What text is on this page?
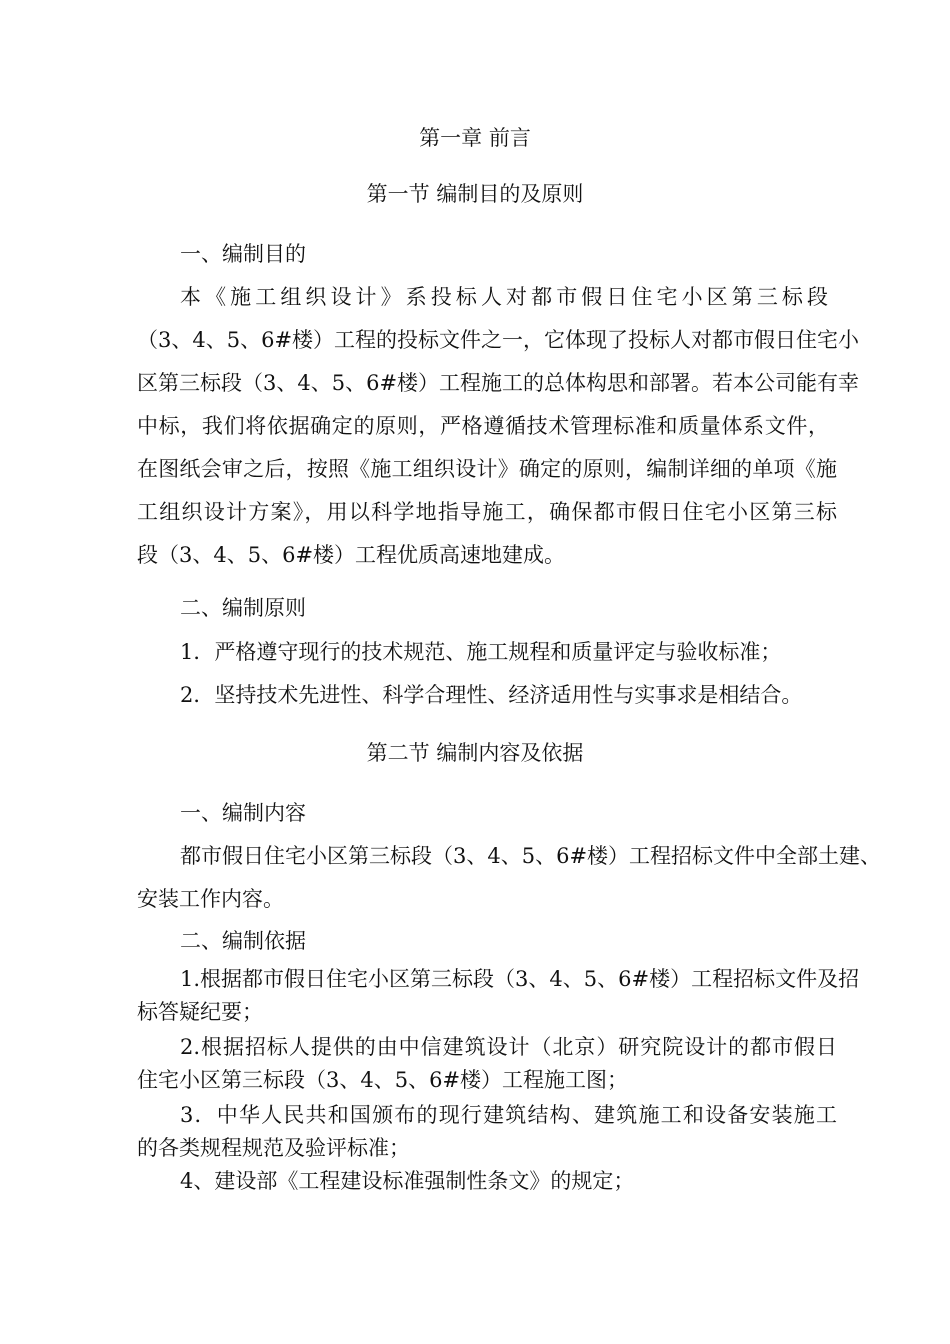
第一章 前言
第一节 编制目的及原则
一、编制目的
本《施工组织设计》系投标人对都市假日住宅小区第三标段
（3、4、5、6#楼）工程的投标文件之一，它体现了投标人对都市假日住宅小
区第三标段（3、4、5、6#楼）工程施工的总体构思和部署。若本公司能有幸
中标，我们将依据确定的原则，严格遵循技术管理标准和质量体系文件，
在图纸会审之后，按照《施工组织设计》确定的原则，编制详细的单项《施
工组织设计方案》，用以科学地指导施工，确保都市假日住宅小区第三标
段（3、4、5、6#楼）工程优质高速地建成。
二、编制原则
1．严格遵守现行的技术规范、施工规程和质量评定与验收标准；
2．坚持技术先进性、科学合理性、经济适用性与实事求是相结合。
第二节 编制内容及依据
一、编制内容
都市假日住宅小区第三标段（3、4、5、6#楼）工程招标文件中全部土建、
安装工作内容。
二、编制依据
1.根据都市假日住宅小区第三标段（3、4、5、6#楼）工程招标文件及招
标答疑纪要；
2.根据招标人提供的由中信建筑设计（北京）研究院设计的都市假日
住宅小区第三标段（3、4、5、6#楼）工程施工图；
3．中华人民共和国颁布的现行建筑结构、建筑施工和设备安装施工
的各类规程规范及验评标准；
4、建设部《工程建设标准强制性条文》的规定；
